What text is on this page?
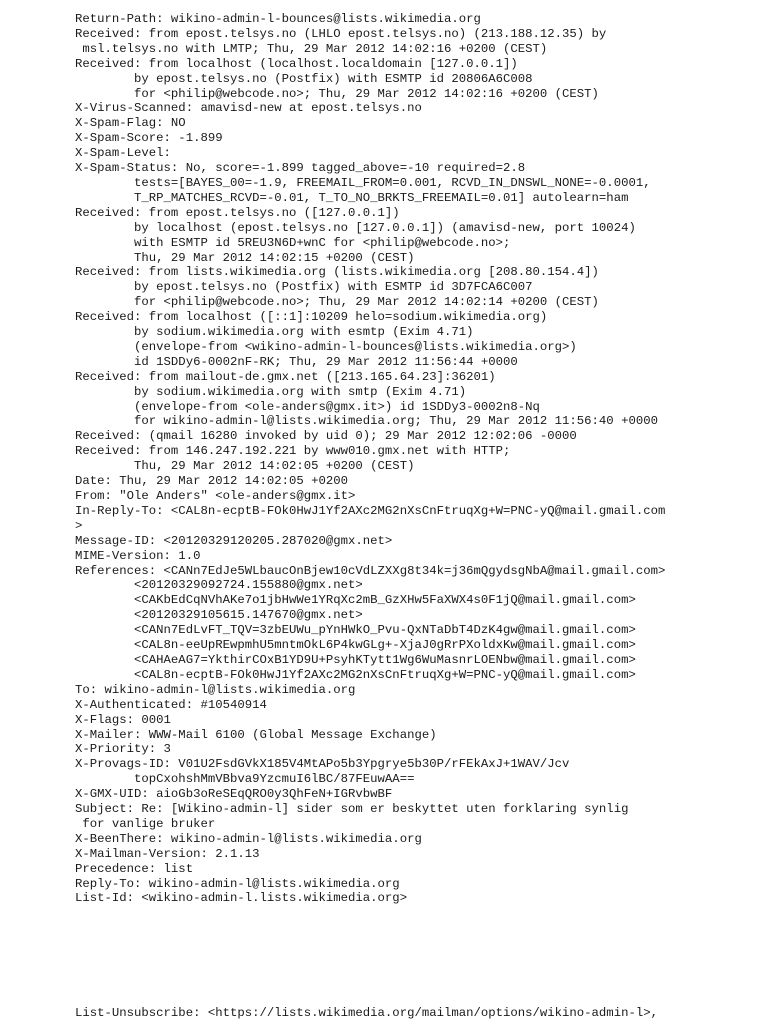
Return-Path: wikino-admin-l-bounces@lists.wikimedia.org
Received: from epost.telsys.no (LHLO epost.telsys.no) (213.188.12.35) by
msl.telsys.no with LMTP; Thu, 29 Mar 2012 14:02:16 +0200 (CEST)
Received: from localhost (localhost.localdomain [127.0.0.1])
by epost.telsys.no (Postfix) with ESMTP id 20806A6C008
for <philip@webcode.no>; Thu, 29 Mar 2012 14:02:16 +0200 (CEST)
X-Virus-Scanned: amavisd-new at epost.telsys.no
X-Spam-Flag: NO
X-Spam-Score: -1.899
X-Spam-Level:
X-Spam-Status: No, score=-1.899 tagged_above=-10 required=2.8
tests=[BAYES_00=-1.9, FREEMAIL_FROM=0.001, RCVD_IN_DNSWL_NONE=-0.0001,
T_RP_MATCHES_RCVD=-0.01, T_TO_NO_BRKTS_FREEMAIL=0.01] autolearn=ham
Received: from epost.telsys.no ([127.0.0.1])
by localhost (epost.telsys.no [127.0.0.1]) (amavisd-new, port 10024)
with ESMTP id 5REU3N6D+wnC for <philip@webcode.no>;
Thu, 29 Mar 2012 14:02:15 +0200 (CEST)
Received: from lists.wikimedia.org (lists.wikimedia.org [208.80.154.4])
by epost.telsys.no (Postfix) with ESMTP id 3D7FCA6C007
for <philip@webcode.no>; Thu, 29 Mar 2012 14:02:14 +0200 (CEST)
Received: from localhost ([::1]:10209 helo=sodium.wikimedia.org)
by sodium.wikimedia.org with esmtp (Exim 4.71)
(envelope-from <wikino-admin-l-bounces@lists.wikimedia.org>)
id 1SDDy6-0002nF-RK; Thu, 29 Mar 2012 11:56:44 +0000
Received: from mailout-de.gmx.net ([213.165.64.23]:36201)
by sodium.wikimedia.org with smtp (Exim 4.71)
(envelope-from <ole-anders@gmx.it>) id 1SDDy3-0002n8-Nq
for wikino-admin-l@lists.wikimedia.org; Thu, 29 Mar 2012 11:56:40 +0000
Received: (qmail 16280 invoked by uid 0); 29 Mar 2012 12:02:06 -0000
Received: from 146.247.192.221 by www010.gmx.net with HTTP;
Thu, 29 Mar 2012 14:02:05 +0200 (CEST)
Date: Thu, 29 Mar 2012 14:02:05 +0200
From: "Ole Anders" <ole-anders@gmx.it>
In-Reply-To: <CAL8n-ecptB-FOk0HwJ1Yf2AXc2MG2nXsCnFtruqXg+W=PNC-yQ@mail.gmail.com
>
Message-ID: <20120329120205.287020@gmx.net>
MIME-Version: 1.0
References: <CANn7EdJe5WLbaucOnBjew10cVdLZXXg8t34k=j36mQgydsgNbA@mail.gmail.com>
<20120329092724.155880@gmx.net>
<CAKbEdCqNVhAKe7o1jbHwWe1YRqXc2mB_GzXHw5FaXWX4s0F1jQ@mail.gmail.com>
<20120329105615.147670@gmx.net>
<CANn7EdLvFT_TQV=3zbEUWu_pYnHWkO_Pvu-QxNTaDbT4DzK4gw@mail.gmail.com>
<CAL8n-eeUpREwpmhU5mntmOkL6P4kwGLg+-XjaJ0gRrPXoldxKw@mail.gmail.com>
<CAHAeAG7=YkthirCOxB1YD9U+PsyhKTytt1Wg6WuMasnrLOENbw@mail.gmail.com>
<CAL8n-ecptB-FOk0HwJ1Yf2AXc2MG2nXsCnFtruqXg+W=PNC-yQ@mail.gmail.com>
To: wikino-admin-l@lists.wikimedia.org
X-Authenticated: #10540914
X-Flags: 0001
X-Mailer: WWW-Mail 6100 (Global Message Exchange)
X-Priority: 3
X-Provags-ID: V01U2FsdGVkX185V4MtAPo5b3Ypgrye5b30P/rFEkAxJ+1WAV/Jcv
topCxohshMmVBbva9YzcmuI6lBC/87FEuwAA==
X-GMX-UID: aioGb3oReSEqQRO0y3QhFeN+IGRvbwBF
Subject: Re: [Wikino-admin-l] sider som er beskyttet uten forklaring synlig
for vanlige bruker
X-BeenThere: wikino-admin-l@lists.wikimedia.org
X-Mailman-Version: 2.1.13
Precedence: list
Reply-To: wikino-admin-l@lists.wikimedia.org
List-Id: <wikino-admin-l.lists.wikimedia.org>
List-Unsubscribe: <https://lists.wikimedia.org/mailman/options/wikino-admin-l>,
